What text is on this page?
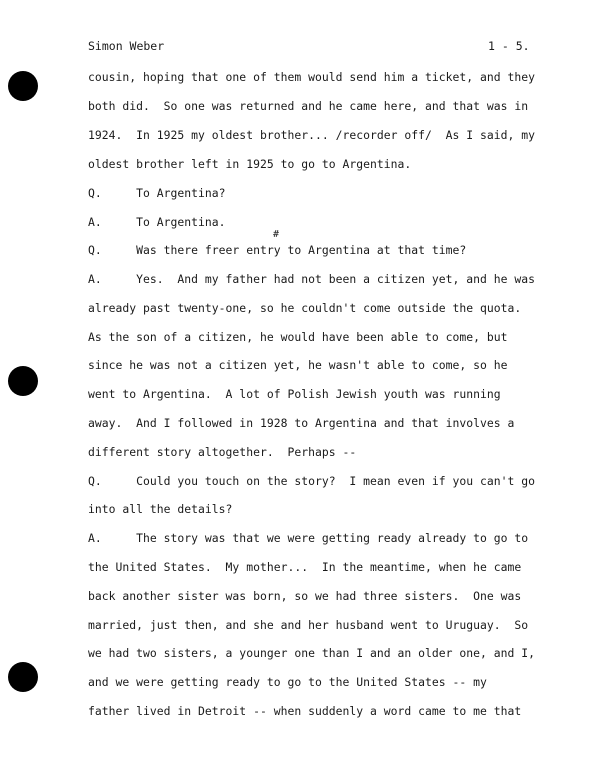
Simon Weber	1 - 5.
#
cousin, hoping that one of them would send him a ticket, and they
both did.  So one was returned and he came here, and that was in
1924.  In 1925 my oldest brother... /recorder off/  As I said, my
oldest brother left in 1925 to go to Argentina.
Q.     To Argentina?
A.     To Argentina.
Q.     Was there freer entry to Argentina at that time?
A.     Yes.  And my father had not been a citizen yet, and he was
already past twenty-one, so he couldn't come outside the quota.
As the son of a citizen, he would have been able to come, but
since he was not a citizen yet, he wasn't able to come, so he
went to Argentina.  A lot of Polish Jewish youth was running
away.  And I followed in 1928 to Argentina and that involves a
different story altogether.  Perhaps --
Q.     Could you touch on the story?  I mean even if you can't go
into all the details?
A.     The story was that we were getting ready already to go to
the United States.  My mother...  In the meantime, when he came
back another sister was born, so we had three sisters.  One was
married, just then, and she and her husband went to Uruguay.  So
we had two sisters, a younger one than I and an older one, and I,
and we were getting ready to go to the United States -- my
father lived in Detroit -- when suddenly a word came to me that
